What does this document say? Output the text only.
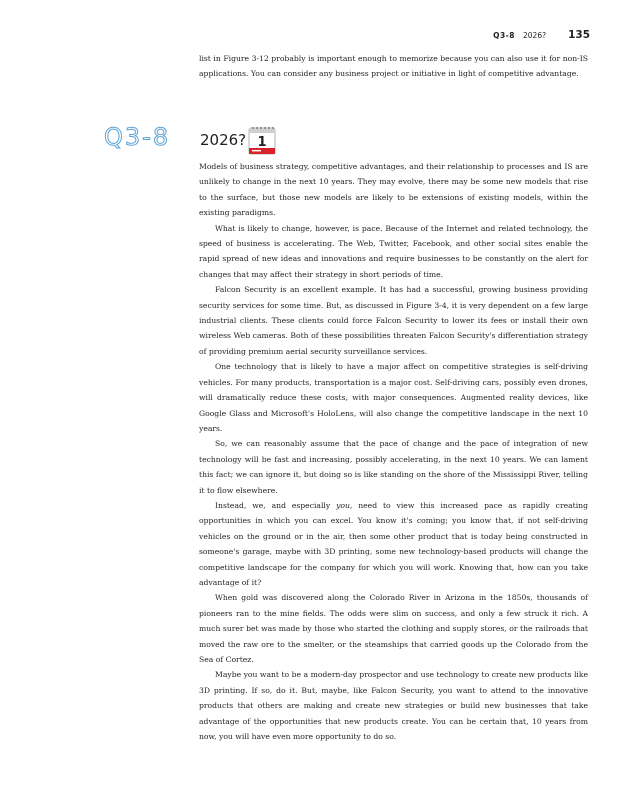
Q3-8 2026? 135

list in Figure 3-12 probably is important enough to memorize because you can also use it for non-IS applications. You can consider any business project or initiative in light of competitive advantage.

Q3-8 2026? 1

Models of business strategy, competitive advantages, and their relationship to processes and IS are unlikely to change in the next 10 years. They may evolve, there may be some new models that rise to the surface, but those new models are likely to be extensions of existing models, within the existing paradigms.

What is likely to change, however, is pace. Because of the Internet and related technology, the speed of business is accelerating. The Web, Twitter, Facebook, and other social sites enable the rapid spread of new ideas and innovations and require businesses to be constantly on the alert for changes that may affect their strategy in short periods of time.

Falcon Security is an excellent example. It has had a successful, growing business providing security services for some time. But, as discussed in Figure 3-4, it is very dependent on a few large industrial clients. These clients could force Falcon Security to lower its fees or install their own wireless Web cameras. Both of these possibilities threaten Falcon Security's differentiation strategy of providing premium aerial security surveillance services.

One technology that is likely to have a major affect on competitive strategies is self-driving vehicles. For many products, transportation is a major cost. Self-driving cars, possibly even drones, will dramatically reduce these costs, with major consequences. Augmented reality devices, like Google Glass and Microsoft's HoloLens, will also change the competitive landscape in the next 10 years.

So, we can reasonably assume that the pace of change and the pace of integration of new technology will be fast and increasing, possibly accelerating, in the next 10 years. We can lament this fact; we can ignore it, but doing so is like standing on the shore of the Mississippi River, telling it to flow elsewhere.

Instead, we, and especially you, need to view this increased pace as rapidly creating opportunities in which you can excel. You know it's coming; you know that, if not self-driving vehicles on the ground or in the air, then some other product that is today being constructed in someone's garage, maybe with 3D printing, some new technology-based products will change the competitive landscape for the company for which you will work. Knowing that, how can you take advantage of it?

When gold was discovered along the Colorado River in Arizona in the 1850s, thousands of pioneers ran to the mine fields. The odds were slim on success, and only a few struck it rich. A much surer bet was made by those who started the clothing and supply stores, or the railroads that moved the raw ore to the smelter, or the steamships that carried goods up the Colorado from the Sea of Cortez.

Maybe you want to be a modern-day prospector and use technology to create new products like 3D printing. If so, do it. But, maybe, like Falcon Security, you want to attend to the innovative products that others are making and create new strategies or build new businesses that take advantage of the opportunities that new products create. You can be certain that, 10 years from now, you will have even more opportunity to do so.
